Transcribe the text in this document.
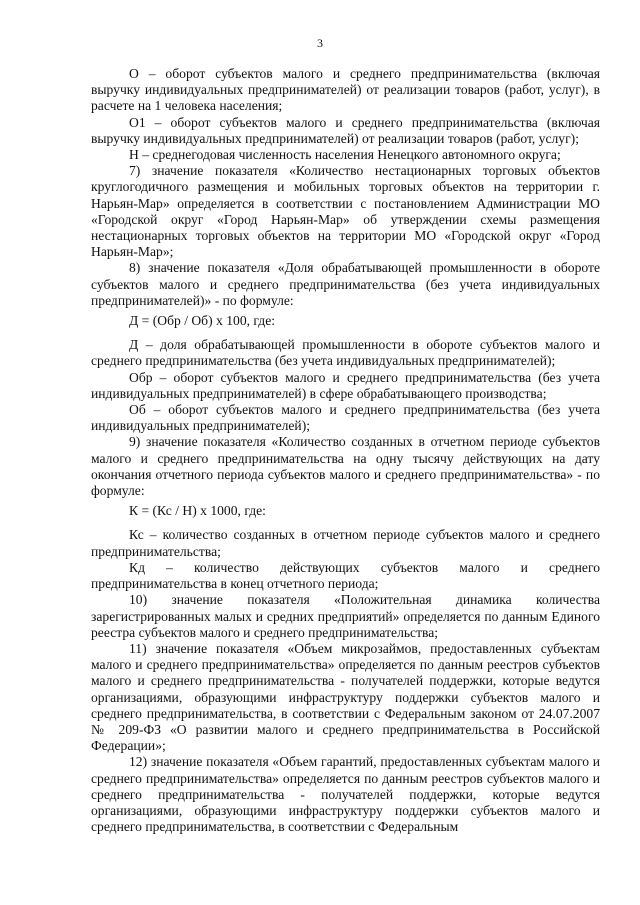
3

О – оборот субъектов малого и среднего предпринимательства (включая выручку индивидуальных предпринимателей) от реализации товаров (работ, услуг), в расчете на 1 человека населения;

О1 – оборот субъектов малого и среднего предпринимательства (включая выручку индивидуальных предпринимателей) от реализации товаров (работ, услуг);

Н – среднегодовая численность населения Ненецкого автономного округа;

7) значение показателя «Количество нестационарных торговых объектов круглогодичного размещения и мобильных торговых объектов на территории г. Нарьян-Мар» определяется в соответствии с постановлением Администрации МО «Городской округ «Город Нарьян-Мар» об утверждении схемы размещения нестационарных торговых объектов на территории МО «Городской округ «Город Нарьян-Мар»;

8) значение показателя «Доля обрабатывающей промышленности в обороте субъектов малого и среднего предпринимательства (без учета индивидуальных предпринимателей)» - по формуле:

Д = (Обр / Об) х 100, где:

Д – доля обрабатывающей промышленности в обороте субъектов малого и среднего предпринимательства (без учета индивидуальных предпринимателей);

Обр – оборот субъектов малого и среднего предпринимательства (без учета индивидуальных предпринимателей) в сфере обрабатывающего производства;

Об – оборот субъектов малого и среднего предпринимательства (без учета индивидуальных предпринимателей);

9) значение показателя «Количество созданных в отчетном периоде субъектов малого и среднего предпринимательства на одну тысячу действующих на дату окончания отчетного периода субъектов малого и среднего предпринимательства» - по формуле:

К = (Кс / Н) х 1000, где:

Кс – количество созданных в отчетном периоде субъектов малого и среднего предпринимательства;

Кд – количество действующих субъектов малого и среднего предпринимательства в конец отчетного периода;

10) значение показателя «Положительная динамика количества зарегистрированных малых и средних предприятий» определяется по данным Единого реестра субъектов малого и среднего предпринимательства;

11) значение показателя «Объем микрозаймов, предоставленных субъектам малого и среднего предпринимательства» определяется по данным реестров субъектов малого и среднего предпринимательства - получателей поддержки, которые ведутся организациями, образующими инфраструктуру поддержки субъектов малого и среднего предпринимательства, в соответствии с Федеральным законом от 24.07.2007 № 209-ФЗ «О развитии малого и среднего предпринимательства в Российской Федерации»;

12) значение показателя «Объем гарантий, предоставленных субъектам малого и среднего предпринимательства» определяется по данным реестров субъектов малого и среднего предпринимательства - получателей поддержки, которые ведутся организациями, образующими инфраструктуру поддержки субъектов малого и среднего предпринимательства, в соответствии с Федеральным
